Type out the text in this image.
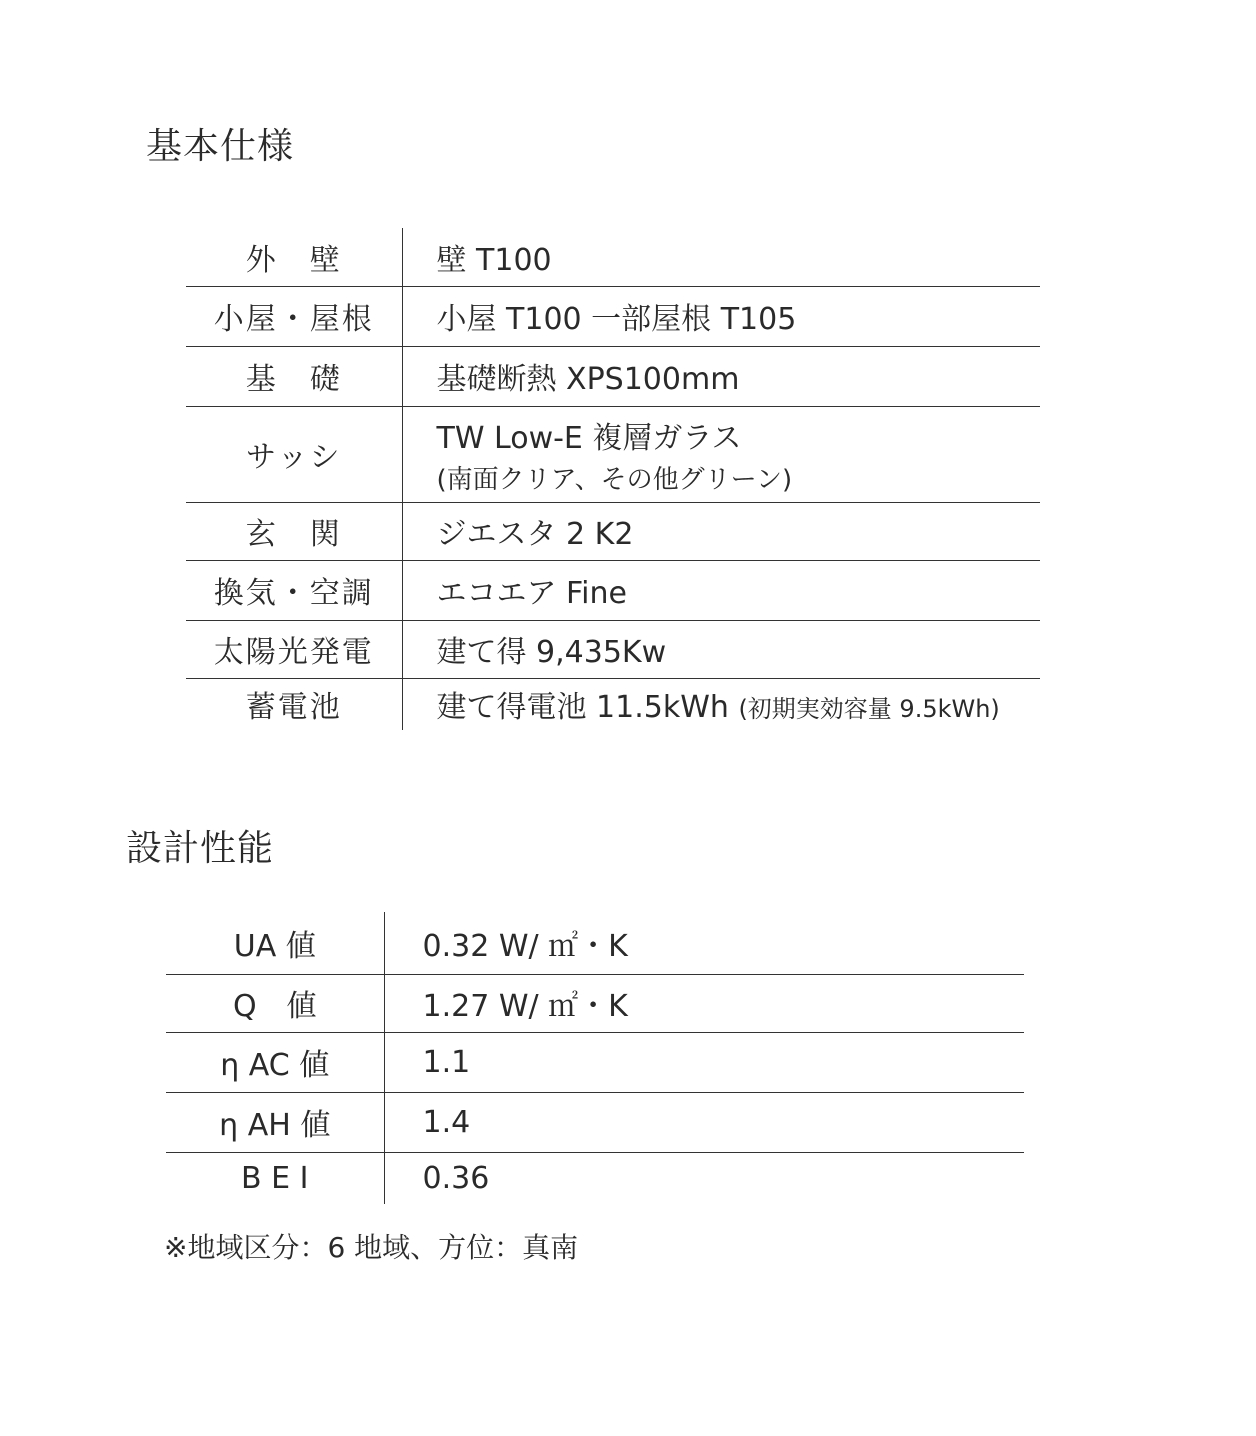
基本仕様
外　壁	壁 T100
小屋・屋根	小屋 T100 一部屋根 T105
基　礎	基礎断熱 XPS100mm
サッシ	TW Low-E 複層ガラス
(南面クリア、その他グリーン)

玄　関	ジエスタ 2 K2
換気・空調	エコエア Fine
太陽光発電	建て得 9,435Kw
蓄電池	建て得電池 11.5kWh (初期実効容量 9.5kWh)
設計性能
UA 値	0.32 W/ ㎡・K
Q　値	1.27 W/ ㎡・K
η AC 値	1.1
η AH 値	1.4
B E I	0.36

※地域区分：6 地域、方位：真南
